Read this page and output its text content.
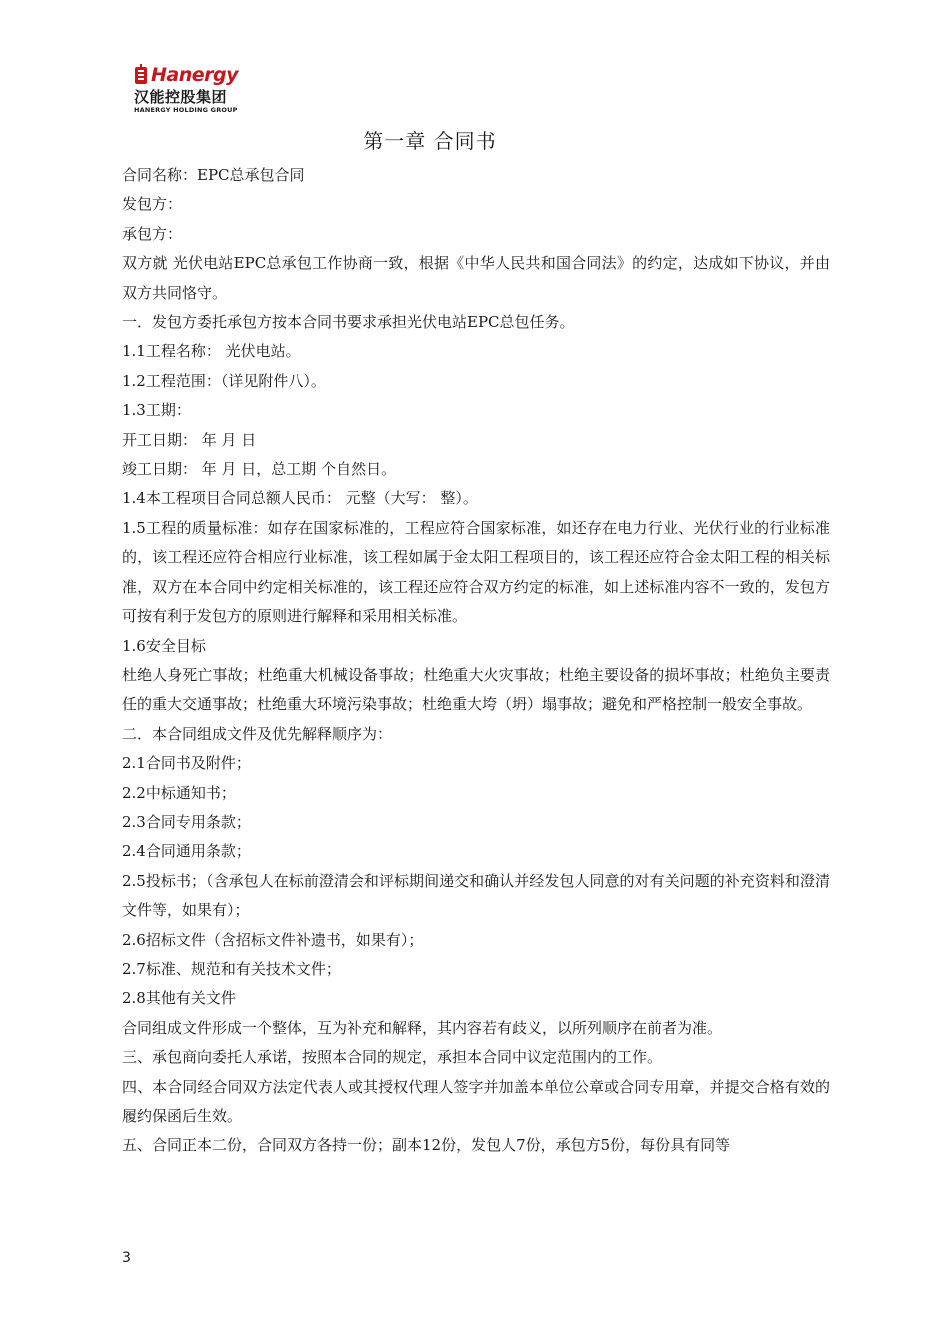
Hanergy
汉能控股集团
HANERGY HOLDING GROUP
第一章 合同书

合同名称：EPC总承包合同

发包方：

承包方：

双方就 光伏电站EPC总承包工作协商一致，根据《中华人民共和国合同法》的约定，达成如下协议，并由双方共同恪守。

一．发包方委托承包方按本合同书要求承担光伏电站EPC总包任务。

1.1工程名称： 光伏电站。

1.2工程范围：（详见附件八）。

1.3工期：

开工日期： 年 月 日

竣工日期： 年 月 日，总工期 个自然日。

1.4本工程项目合同总额人民币： 元整（大写： 整）。

1.5工程的质量标准：如存在国家标准的，工程应符合国家标准，如还存在电力行业、光伏行业的行业标准的，该工程还应符合相应行业标准，该工程如属于金太阳工程项目的，该工程还应符合金太阳工程的相关标准，双方在本合同中约定相关标准的，该工程还应符合双方约定的标准，如上述标准内容不一致的，发包方可按有利于发包方的原则进行解释和采用相关标准。

1.6安全目标

杜绝人身死亡事故；杜绝重大机械设备事故；杜绝重大火灾事故；杜绝主要设备的损坏事故；杜绝负主要责任的重大交通事故；杜绝重大环境污染事故；杜绝重大垮（坍）塌事故；避免和严格控制一般安全事故。

二．本合同组成文件及优先解释顺序为：

2.1合同书及附件；

2.2中标通知书；

2.3合同专用条款；

2.4合同通用条款；

2.5投标书；（含承包人在标前澄清会和评标期间递交和确认并经发包人同意的对有关问题的补充资料和澄清文件等，如果有）；

2.6招标文件（含招标文件补遗书，如果有）；

2.7标准、规范和有关技术文件；

2.8其他有关文件

合同组成文件形成一个整体，互为补充和解释，其内容若有歧义，以所列顺序在前者为准。

三、承包商向委托人承诺，按照本合同的规定，承担本合同中议定范围内的工作。

四、本合同经合同双方法定代表人或其授权代理人签字并加盖本单位公章或合同专用章，并提交合格有效的履约保函后生效。

五、合同正本二份，合同双方各持一份；副本12份，发包人7份，承包方5份，每份具有同等

3
